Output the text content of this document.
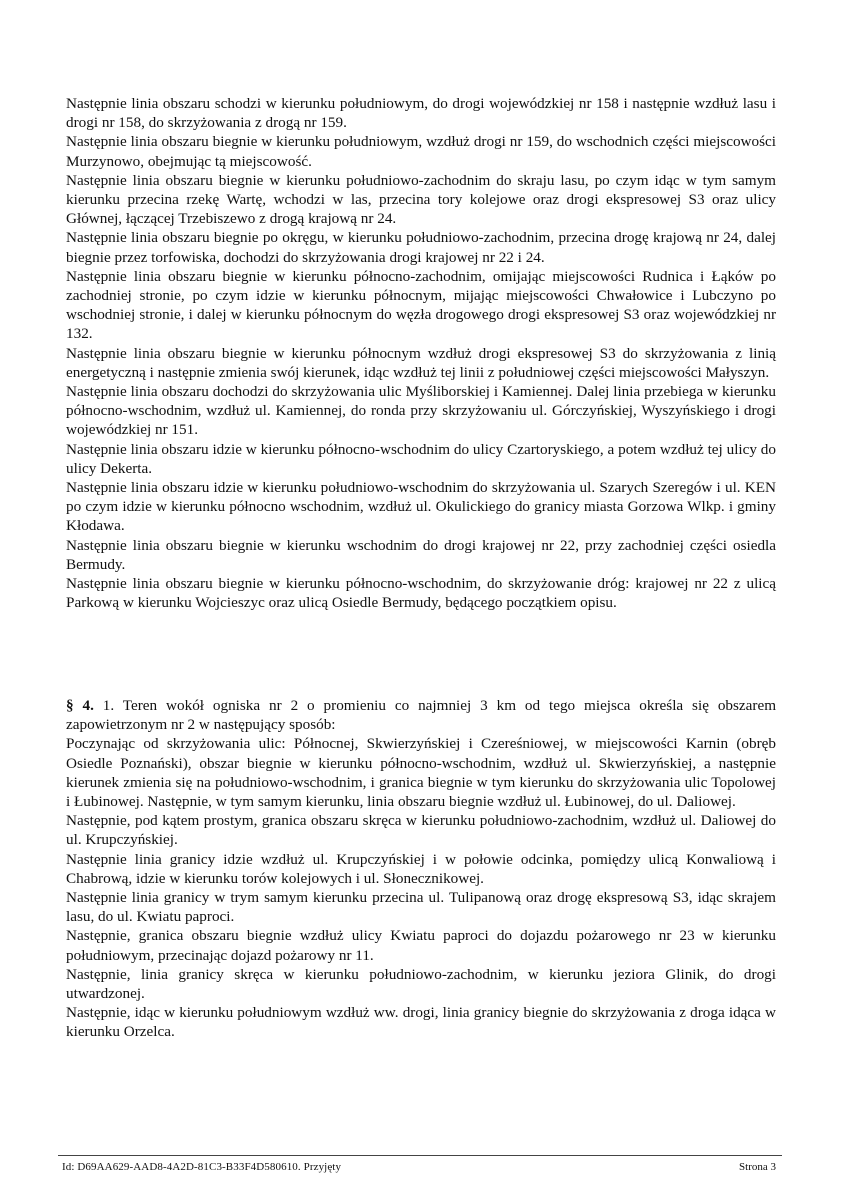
Następnie linia obszaru schodzi w kierunku południowym, do drogi wojewódzkiej nr 158 i następnie wzdłuż lasu i drogi nr 158, do skrzyżowania z drogą nr 159.

Następnie linia obszaru biegnie w kierunku południowym, wzdłuż drogi nr 159, do wschodnich części miejscowości Murzynowo, obejmując tą miejscowość.

Następnie linia obszaru biegnie w kierunku południowo-zachodnim do skraju lasu, po czym idąc w tym samym kierunku przecina rzekę Wartę, wchodzi w las, przecina tory kolejowe oraz drogi ekspresowej S3 oraz ulicy Głównej, łączącej Trzebiszewo z drogą krajową nr 24.

Następnie linia obszaru biegnie po okręgu, w kierunku południowo-zachodnim, przecina drogę krajową nr 24, dalej biegnie przez torfowiska, dochodzi do skrzyżowania drogi krajowej nr 22 i 24.

Następnie linia obszaru biegnie w kierunku północno-zachodnim, omijając miejscowości Rudnica i Łąków po zachodniej stronie, po czym idzie w kierunku północnym, mijając miejscowości Chwałowice i Lubczyno po wschodniej stronie, i dalej w kierunku północnym do węzła drogowego drogi ekspresowej S3 oraz wojewódzkiej nr 132.

Następnie linia obszaru biegnie w kierunku północnym wzdłuż drogi ekspresowej S3 do skrzyżowania z linią energetyczną i następnie zmienia swój kierunek, idąc wzdłuż tej linii z południowej części miejscowości Małyszyn.

Następnie linia obszaru dochodzi do skrzyżowania ulic Myśliborskiej i Kamiennej. Dalej linia przebiega w kierunku północno-wschodnim, wzdłuż ul. Kamiennej, do ronda przy skrzyżowaniu ul. Górczyńskiej, Wyszyńskiego i drogi wojewódzkiej nr 151.

Następnie linia obszaru idzie w kierunku północno-wschodnim do ulicy Czartoryskiego, a potem wzdłuż tej ulicy do ulicy Dekerta.

Następnie linia obszaru idzie w kierunku południowo-wschodnim do skrzyżowania ul. Szarych Szeregów i ul. KEN po czym idzie w kierunku północno wschodnim, wzdłuż ul. Okulickiego do granicy miasta Gorzowa Wlkp. i gminy Kłodawa.

Następnie linia obszaru biegnie w kierunku wschodnim do drogi krajowej nr 22, przy zachodniej części osiedla Bermudy.

Następnie linia obszaru biegnie w kierunku północno-wschodnim, do skrzyżowanie dróg: krajowej nr 22 z ulicą Parkową w kierunku Wojcieszyc oraz ulicą Osiedle Bermudy, będącego początkiem opisu.

§ 4. 1. Teren wokół ogniska nr 2 o promieniu co najmniej 3 km od tego miejsca określa się obszarem zapowietrzonym nr 2 w następujący sposób:

Poczynając od skrzyżowania ulic: Północnej, Skwierzyńskiej i Czereśniowej, w miejscowości Karnin (obręb Osiedle Poznański), obszar biegnie w kierunku północno-wschodnim, wzdłuż ul. Skwierzyńskiej, a następnie kierunek zmienia się na południowo-wschodnim, i granica biegnie w tym kierunku do skrzyżowania ulic Topolowej i Łubinowej. Następnie, w tym samym kierunku, linia obszaru biegnie wzdłuż ul. Łubinowej, do ul. Daliowej.

Następnie, pod kątem prostym, granica obszaru skręca w kierunku południowo-zachodnim, wzdłuż ul. Daliowej do ul. Krupczyńskiej.

Następnie linia granicy idzie wzdłuż ul. Krupczyńskiej i w połowie odcinka, pomiędzy ulicą Konwaliową i Chabrową, idzie w kierunku torów kolejowych i ul. Słonecznikowej.

Następnie linia granicy w trym samym kierunku przecina ul. Tulipanową oraz drogę ekspresową S3, idąc skrajem lasu, do ul. Kwiatu paproci.

Następnie, granica obszaru biegnie wzdłuż ulicy Kwiatu paproci do dojazdu pożarowego nr 23 w kierunku południowym, przecinając dojazd pożarowy nr 11.

Następnie, linia granicy skręca w kierunku południowo-zachodnim, w kierunku jeziora Glinik, do drogi utwardzonej.

Następnie, idąc w kierunku południowym wzdłuż ww. drogi, linia granicy biegnie do skrzyżowania z droga idąca w kierunku Orzelca.

Id: D69AA629-AAD8-4A2D-81C3-B33F4D580610. Przyjęty	Strona 3
